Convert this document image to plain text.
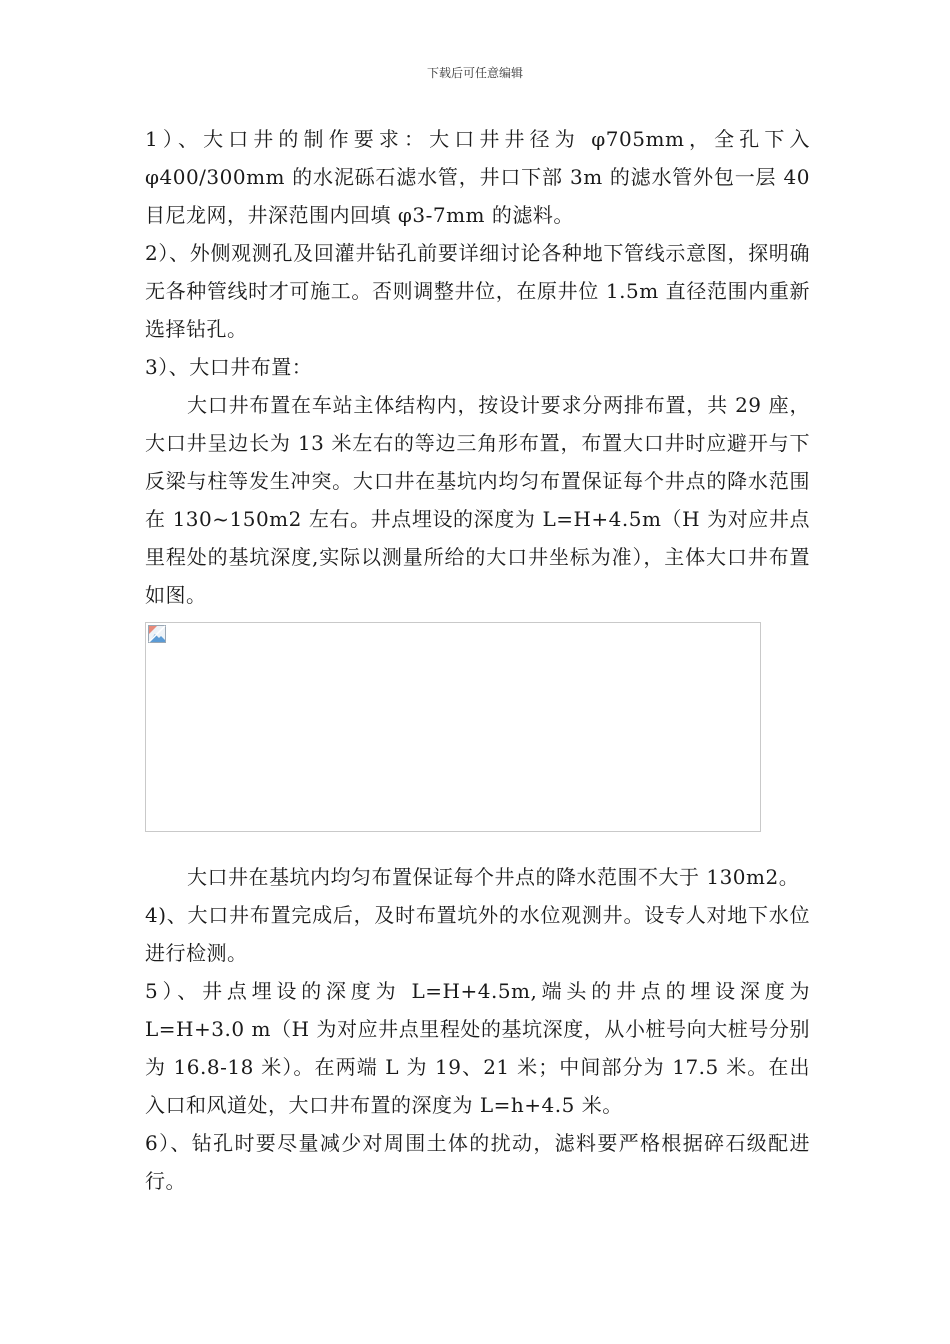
下载后可任意编辑

1）、大口井的制作要求：大口井井径为 φ705mm，全孔下入 φ400/300mm 的水泥砾石滤水管，井口下部 3m 的滤水管外包一层 40 目尼龙网，井深范围内回填 φ3-7mm 的滤料。

2）、外侧观测孔及回灌井钻孔前要详细讨论各种地下管线示意图，探明确无各种管线时才可施工。否则调整井位，在原井位 1.5m 直径范围内重新选择钻孔。

3）、大口井布置：

大口井布置在车站主体结构内，按设计要求分两排布置，共 29 座，大口井呈边长为 13 米左右的等边三角形布置，布置大口井时应避开与下反梁与柱等发生冲突。大口井在基坑内均匀布置保证每个井点的降水范围在 130~150m2 左右。井点埋设的深度为 L=H+4.5m（H 为对应井点里程处的基坑深度,实际以测量所给的大口井坐标为准），主体大口井布置如图。

大口井在基坑内均匀布置保证每个井点的降水范围不大于 130m2。

4)、大口井布置完成后，及时布置坑外的水位观测井。设专人对地下水位进行检测。

5）、井点埋设的深度为 L=H+4.5m,端头的井点的埋设深度为 L=H+3.0 m（H 为对应井点里程处的基坑深度，从小桩号向大桩号分别为 16.8-18 米）。在两端 L 为 19、21 米；中间部分为 17.5 米。在出入口和风道处，大口井布置的深度为 L=h+4.5 米。

6）、钻孔时要尽量减少对周围土体的扰动，滤料要严格根据碎石级配进行。
